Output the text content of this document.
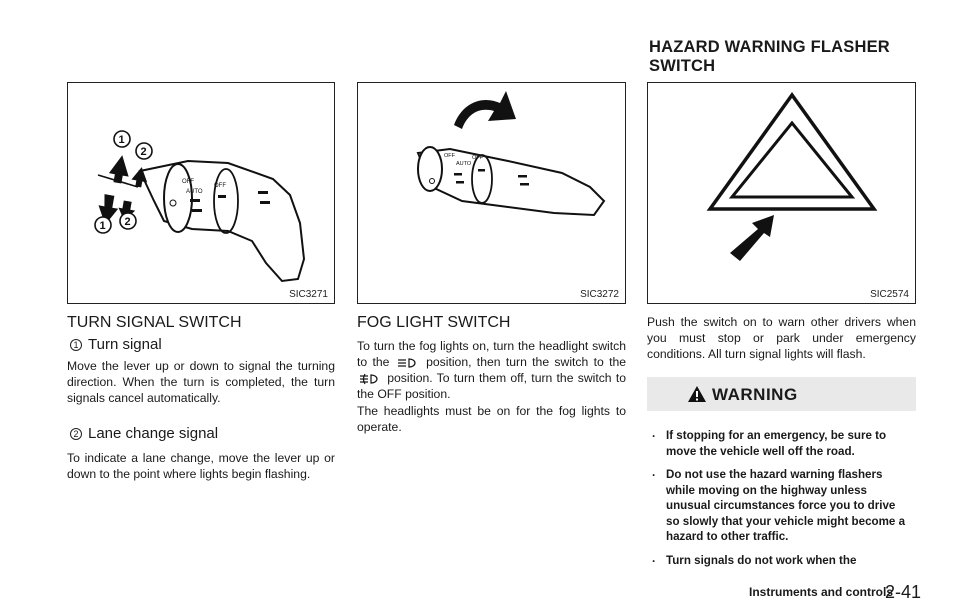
HAZARD WARNING FLASHER SWITCH
OFF
AUTO
OFF
1
2
1 2
SIC3271
OFF
AUTO
OFF
SIC3272	SIC2574
TURN SIGNAL SWITCH
1 Turn signal

Move the lever up or down to signal the turning direction. When the turn is completed, the turn signals cancel automatically.

2 Lane change signal

To indicate a lane change, move the lever up or down to the point where lights begin flashing.

FOG LIGHT SWITCH

To turn the fog lights on, turn the headlight switch to the	position, then turn the switch to the  position. To turn them off, turn the switch to the OFF position.

The headlights must be on for the fog lights to operate.

Push the switch on to warn other drivers when you must stop or park under emergency conditions. All turn signal lights will flash.

WARNING
. If stopping for an emergency, be sure to move the vehicle well off the road.
. Do not use the hazard warning flashers while moving on the highway unless unusual circumstances force you to drive so slowly that your vehicle might become a hazard to other traffic.
. Turn signals do not work when the
Instruments and controls
2-41
